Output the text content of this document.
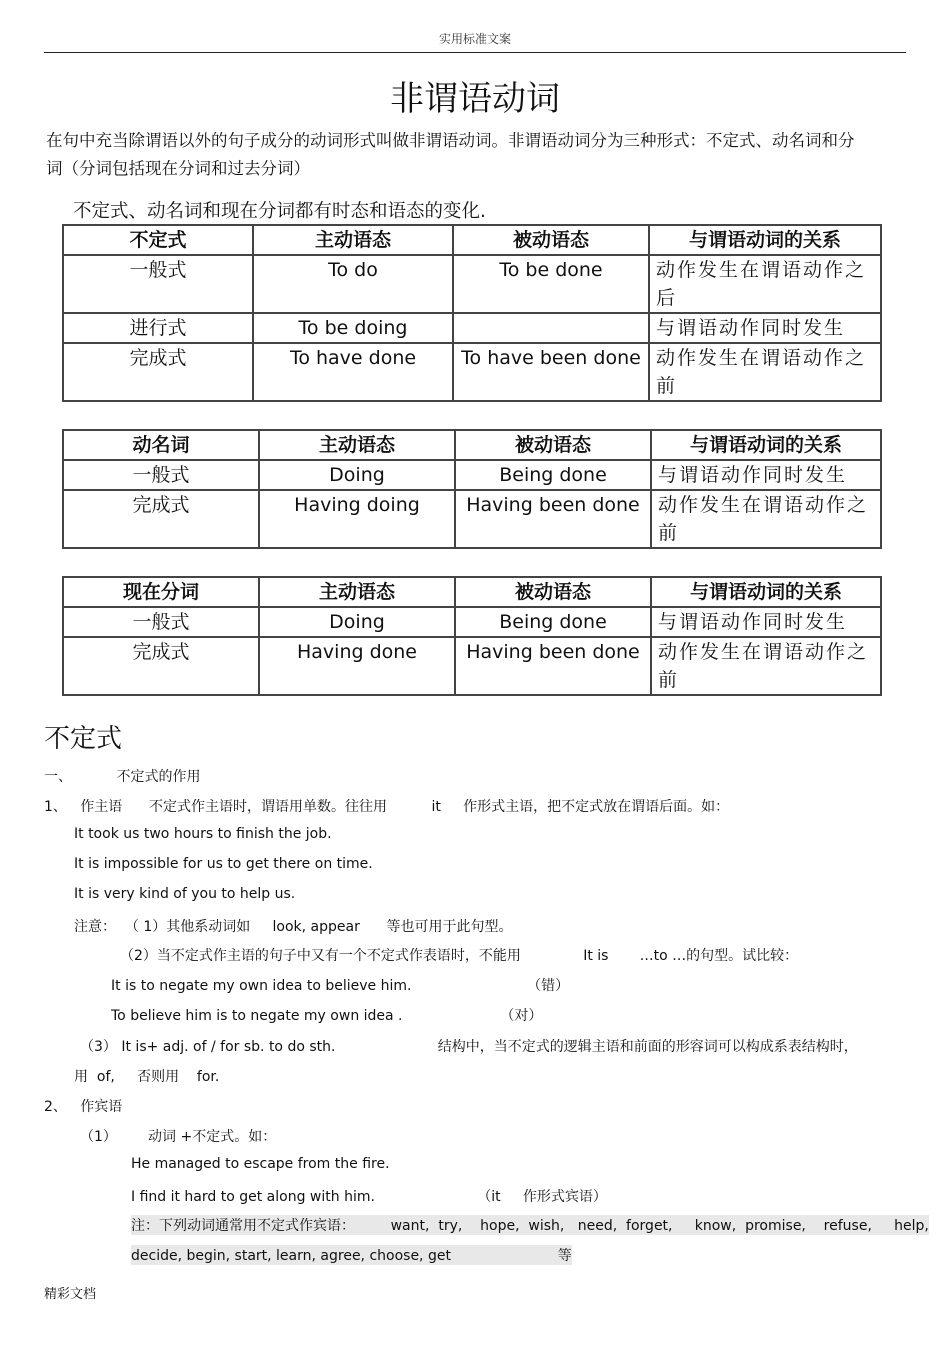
实用标准文案
非谓语动词
在句中充当除谓语以外的句子成分的动词形式叫做非谓语动词。非谓语动词分为三种形式：不定式、动名词和分词（分词包括现在分词和过去分词）
不定式、动名词和现在分词都有时态和语态的变化.
不定式	主动语态	被动语态	与谓语动词的关系
一般式	To do	To be done	动作发生在谓语动作之后
进行式	To be doing		与谓语动作同时发生
完成式	To have done	To have been done	动作发生在谓语动作之前
动名词	主动语态	被动语态	与谓语动词的关系
一般式	Doing	Being done	与谓语动作同时发生
完成式	Having doing	Having been done	动作发生在谓语动作之前
现在分词	主动语态	被动语态	与谓语动词的关系
一般式	Doing	Being done	与谓语动作同时发生
完成式	Having done	Having been done	动作发生在谓语动作之前
不定式
一、          不定式的作用
1、   作主语      不定式作主语时，谓语用单数。往往用          it     作形式主语，把不定式放在谓语后面。如：
It took us two hours to finish the job.
It is impossible for us to get there on time.
It is very kind of you to help us.
注意：  （ 1）其他系动词如     look, appear      等也可用于此句型。
（2）当不定式作主语的句子中又有一个不定式作表语时，不能用              It is       …to …的句型。试比较：
It is to negate my own idea to believe him.                          （错）
To believe him is to negate my own idea .                      （对）
（3） It is+ adj. of / for sb. to do sth.                       结构中，当不定式的逻辑主语和前面的形容词可以构成系表结构时，
用  of,     否则用    for.
2、   作宾语
（1）       动词 +不定式。如：
He managed to escape from the fire.
I find it hard to get along with him.                       （it     作形式宾语）
注：下列动词通常用不定式作宾语：        want,  try,    hope,  wish,   need,  forget,     know,  promise,    refuse,     help,
decide, begin, start, learn, agree, choose, get                        等
精彩文档
